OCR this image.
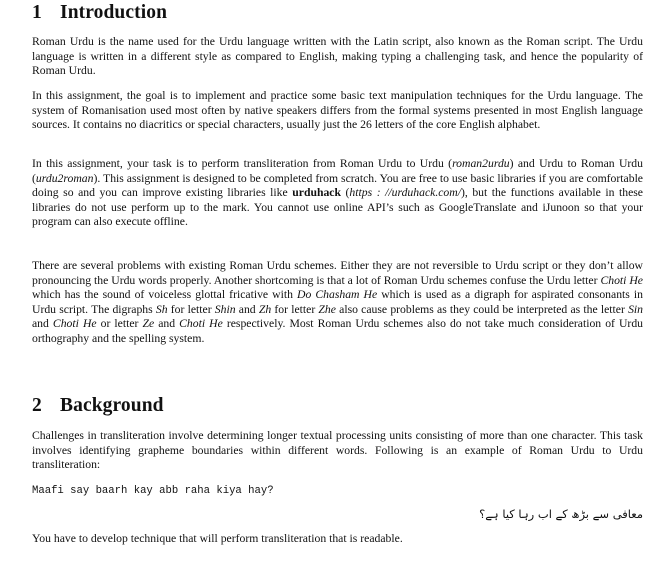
1 Introduction

Roman Urdu is the name used for the Urdu language written with the Latin script, also known as the Roman script. The Urdu language is written in a different style as compared to English, making typing a challenging task, and hence the popularity of Roman Urdu.

In this assignment, the goal is to implement and practice some basic text manipulation techniques for the Urdu language. The system of Romanisation used most often by native speakers differs from the formal systems presented in most English language sources. It contains no diacritics or special characters, usually just the 26 letters of the core English alphabet.

In this assignment, your task is to perform transliteration from Roman Urdu to Urdu (roman2urdu) and Urdu to Roman Urdu (urdu2roman). This assignment is designed to be completed from scratch. You are free to use basic libraries if you are comfortable doing so and you can improve existing libraries like urduhack (https : //urduhack.com/), but the functions available in these libraries do not use perform up to the mark. You cannot use online API’s such as GoogleTranslate and iJunoon so that your program can also execute offline.

There are several problems with existing Roman Urdu schemes. Either they are not reversible to Urdu script or they don’t allow pronouncing the Urdu words properly. Another shortcoming is that a lot of Roman Urdu schemes confuse the Urdu letter Choti He which has the sound of voiceless glottal fricative with Do Chasham He which is used as a digraph for aspirated consonants in Urdu script. The digraphs Sh for letter Shin and Zh for letter Zhe also cause problems as they could be interpreted as the letter Sin and Choti He or letter Ze and Choti He respectively. Most Roman Urdu schemes also do not take much consideration of Urdu orthography and the spelling system.

2 Background

Challenges in transliteration involve determining longer textual processing units consisting of more than one character. This task involves identifying grapheme boundaries within different words. Following is an example of Roman Urdu to Urdu transliteration:

Maafi say baarh kay abb raha kiya hay?
معافی سے بڑھ کے اب رہا کیا ہے؟

You have to develop technique that will perform transliteration that is readable.
